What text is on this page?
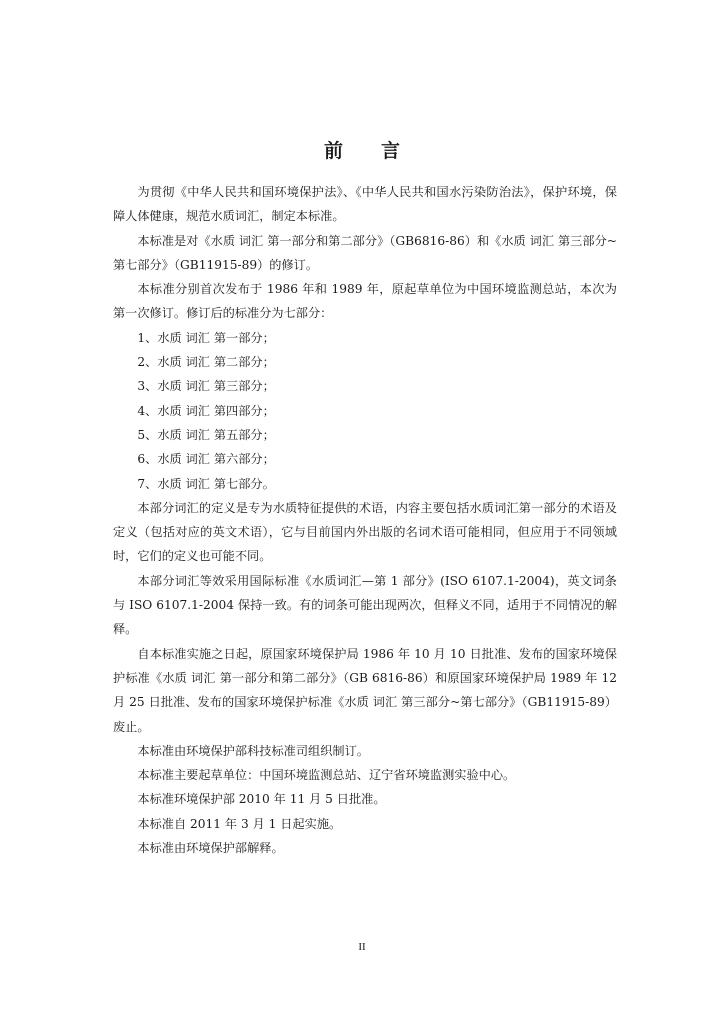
前 言

为贯彻《中华人民共和国环境保护法》、《中华人民共和国水污染防治法》，保护环境，保障人体健康，规范水质词汇，制定本标准。

本标准是对《水质 词汇 第一部分和第二部分》（GB6816-86）和《水质 词汇 第三部分~第七部分》（GB11915-89）的修订。

本标准分别首次发布于 1986 年和 1989 年，原起草单位为中国环境监测总站，本次为第一次修订。修订后的标准分为七部分：

1、水质 词汇 第一部分；

2、水质 词汇 第二部分；

3、水质 词汇 第三部分；

4、水质 词汇 第四部分；

5、水质 词汇 第五部分；

6、水质 词汇 第六部分；

7、水质 词汇 第七部分。

本部分词汇的定义是专为水质特征提供的术语，内容主要包括水质词汇第一部分的术语及定义（包括对应的英文术语），它与目前国内外出版的名词术语可能相同，但应用于不同领域时，它们的定义也可能不同。

本部分词汇等效采用国际标准《水质词汇—第 1 部分》(ISO 6107.1-2004)，英文词条与 ISO 6107.1-2004 保持一致。有的词条可能出现两次，但释义不同，适用于不同情况的解释。

自本标准实施之日起，原国家环境保护局 1986 年 10 月 10 日批准、发布的国家环境保护标准《水质 词汇 第一部分和第二部分》（GB 6816-86）和原国家环境保护局 1989 年 12 月 25 日批准、发布的国家环境保护标准《水质 词汇 第三部分~第七部分》（GB11915-89）废止。

本标准由环境保护部科技标准司组织制订。

本标准主要起草单位：中国环境监测总站、辽宁省环境监测实验中心。

本标准环境保护部 2010 年 11 月 5 日批准。

本标准自 2011 年 3 月 1 日起实施。

本标准由环境保护部解释。

II
